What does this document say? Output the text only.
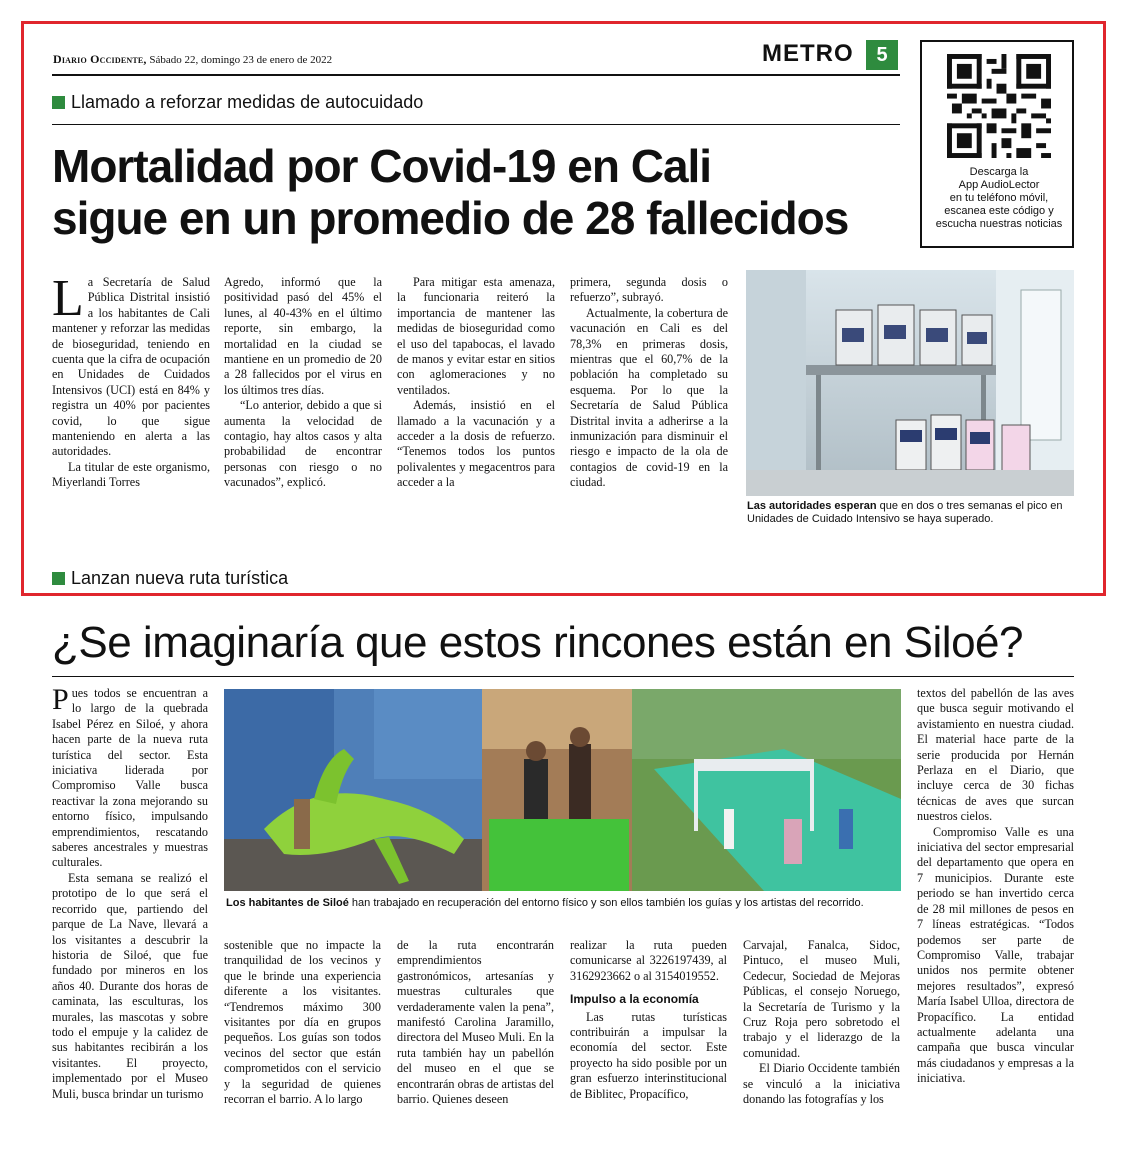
Diario Occidente, Sábado 22, domingo 23 de enero de 2022	METRO	5
Descarga la
App AudioLector
en tu teléfono móvil,
escanea este código y
escucha nuestras noticias
Llamado a reforzar medidas de autocuidado
Mortalidad por Covid-19 en Cali
sigue en un promedio de 28 fallecidos

La Secretaría de Salud Pública Distrital insistió a los habitantes de Cali mantener y reforzar las medidas de bioseguridad, teniendo en cuenta que la cifra de ocupación en Unidades de Cuidados Intensivos (UCI) está en 84% y registra un 40% por pacientes covid, lo que sigue manteniendo en alerta a las autoridades.

La titular de este organismo, Miyerlandi Torres

Agredo, informó que la positividad pasó del 45% el lunes, al 40-43% en el último reporte, sin embargo, la mortalidad en la ciudad se mantiene en un promedio de 20 a 28 fallecidos por el virus en los últimos tres días.

“Lo anterior, debido a que si aumenta la velocidad de contagio, hay altos casos y alta probabilidad de encontrar personas con riesgo o no vacunados”, explicó.

Para mitigar esta amenaza, la funcionaria reiteró la importancia de mantener las medidas de bioseguridad como el uso del tapabocas, el lavado de manos y evitar estar en sitios con aglomeraciones y no ventilados.

Además, insistió en el llamado a la vacunación y a acceder a la dosis de refuerzo. “Tenemos todos los puntos polivalentes y megacentros para acceder a la

primera, segunda dosis o refuerzo”, subrayó.

Actualmente, la cobertura de vacunación en Cali es del 78,3% en primeras dosis, mientras que el 60,7% de la población ha completado su esquema. Por lo que la Secretaría de Salud Pública Distrital invita a adherirse a la inmunización para disminuir el riesgo e impacto de la ola de contagios de covid-19 en la ciudad.

Las autoridades esperan que en dos o tres semanas el pico en Unidades de Cuidado Intensivo se haya superado.
Lanzan nueva ruta turística
¿Se imaginaría que estos rincones están en Siloé?

Pues todos se encuentran a lo largo de la quebrada Isabel Pérez en Siloé, y ahora hacen parte de la nueva ruta turística del sector. Esta iniciativa liderada por Compromiso Valle busca reactivar la zona mejorando su entorno físico, impulsando emprendimientos, rescatando saberes ancestrales y muestras culturales.

Esta semana se realizó el prototipo de lo que será el recorrido que, partiendo del parque de La Nave, llevará a los visitantes a descubrir la historia de Siloé, que fue fundado por mineros en los años 40. Durante dos horas de caminata, las esculturas, los murales, las mascotas y sobre todo el empuje y la calidez de sus habitantes recibirán a los visitantes. El proyecto, implementado por el Museo Muli, busca brindar un turismo

Los habitantes de Siloé han trabajado en recuperación del entorno físico y son ellos también los guías y los artistas del recorrido.

sostenible que no impacte la tranquilidad de los vecinos y que le brinde una experiencia diferente a los visitantes. “Tendremos máximo 300 visitantes por día en grupos pequeños. Los guías son todos vecinos del sector que están comprometidos con el servicio y la seguridad de quienes recorran el barrio. A lo largo

de la ruta encontrarán emprendimientos gastronómicos, artesanías y muestras culturales que verdaderamente valen la pena”, manifestó Carolina Jaramillo, directora del Museo Muli. En la ruta también hay un pabellón del museo en el que se encontrarán obras de artistas del barrio. Quienes deseen

realizar la ruta pueden comunicarse al 3226197439, al 3162923662 o al 3154019552.

Impulso a la economía

Las rutas turísticas contribuirán a impulsar la economía del sector. Este proyecto ha sido posible por un gran esfuerzo interinstitucional de Biblitec, Propacífico,

Carvajal, Fanalca, Sidoc, Pintuco, el museo Muli, Cedecur, Sociedad de Mejoras Públicas, el consejo Noruego, la Secretaría de Turismo y la Cruz Roja pero sobretodo el trabajo y el liderazgo de la comunidad.

El Diario Occidente también se vinculó a la iniciativa donando las fotografías y los

textos del pabellón de las aves que busca seguir motivando el avistamiento en nuestra ciudad. El material hace parte de la serie producida por Hernán Perlaza en el Diario, que incluye cerca de 30 fichas técnicas de aves que surcan nuestros cielos.

Compromiso Valle es una iniciativa del sector empresarial del departamento que opera en 7 municipios. Durante este periodo se han invertido cerca de 28 mil millones de pesos en 7 líneas estratégicas. “Todos podemos ser parte de Compromiso Valle, trabajar unidos nos permite obtener mejores resultados”, expresó María Isabel Ulloa, directora de Propacífico. La entidad actualmente adelanta una campaña que busca vincular más ciudadanos y empresas a la iniciativa.
